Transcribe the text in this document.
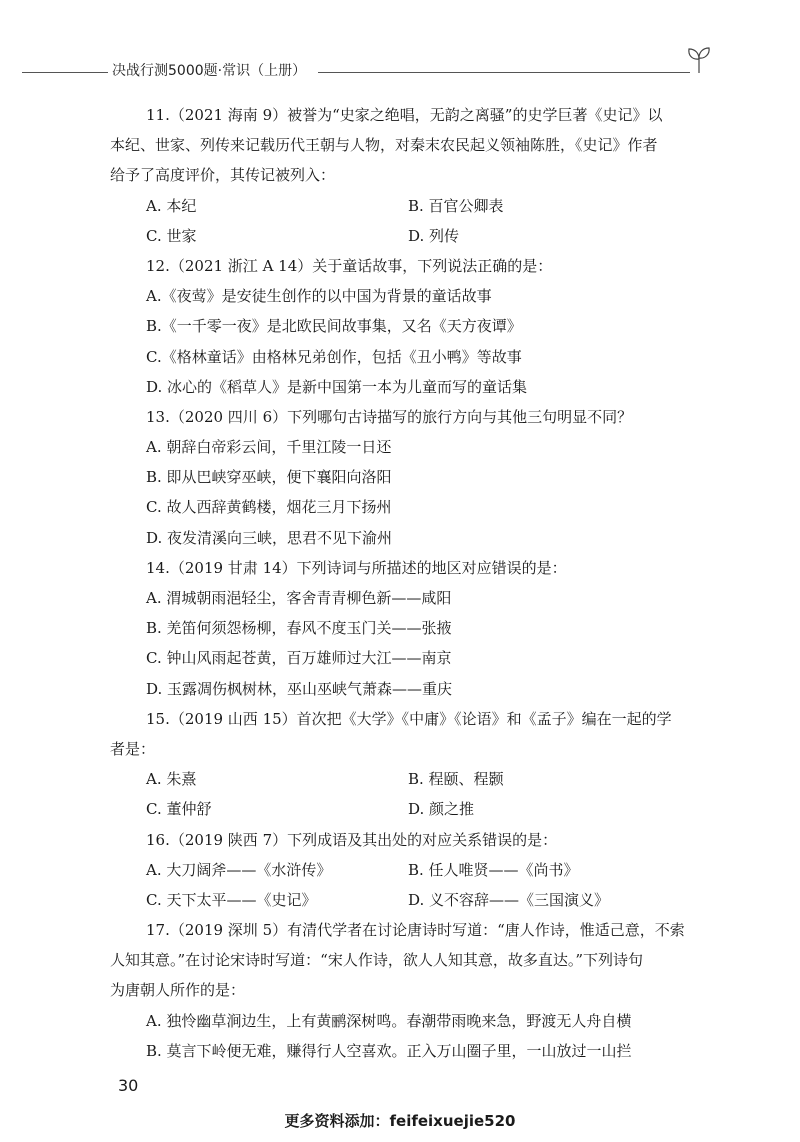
决战行测5000题·常识（上册）
11.（2021 海南 9）被誉为“史家之绝唱，无韵之离骚”的史学巨著《史记》以
本纪、世家、列传来记载历代王朝与人物，对秦末农民起义领袖陈胜，《史记》作者
给予了高度评价，其传记被列入：
A. 本纪	B. 百官公卿表
C. 世家	D. 列传
12.（2021 浙江 A 14）关于童话故事，下列说法正确的是：
A.《夜莺》是安徒生创作的以中国为背景的童话故事
B.《一千零一夜》是北欧民间故事集，又名《天方夜谭》
C.《格林童话》由格林兄弟创作，包括《丑小鸭》等故事
D. 冰心的《稻草人》是新中国第一本为儿童而写的童话集
13.（2020 四川 6）下列哪句古诗描写的旅行方向与其他三句明显不同？
A. 朝辞白帝彩云间，千里江陵一日还
B. 即从巴峡穿巫峡，便下襄阳向洛阳
C. 故人西辞黄鹤楼，烟花三月下扬州
D. 夜发清溪向三峡，思君不见下渝州
14.（2019 甘肃 14）下列诗词与所描述的地区对应错误的是：
A. 渭城朝雨浥轻尘，客舍青青柳色新——咸阳
B. 羌笛何须怨杨柳，春风不度玉门关——张掖
C. 钟山风雨起苍黄，百万雄师过大江——南京
D. 玉露凋伤枫树林，巫山巫峡气萧森——重庆
15.（2019 山西 15）首次把《大学》《中庸》《论语》和《孟子》编在一起的学
者是：
A. 朱熹	B. 程颐、程颢
C. 董仲舒	D. 颜之推
16.（2019 陕西 7）下列成语及其出处的对应关系错误的是：
A. 大刀阔斧——《水浒传》	B. 任人唯贤——《尚书》
C. 天下太平——《史记》	D. 义不容辞——《三国演义》
17.（2019 深圳 5）有清代学者在讨论唐诗时写道：“唐人作诗，惟适己意，不索
人知其意。”在讨论宋诗时写道：“宋人作诗，欲人人知其意，故多直达。”下列诗句
为唐朝人所作的是：
A. 独怜幽草涧边生，上有黄鹂深树鸣。春潮带雨晚来急，野渡无人舟自横
B. 莫言下岭便无难，赚得行人空喜欢。正入万山圈子里，一山放过一山拦
30
更多资料添加：feifeixuejie520
